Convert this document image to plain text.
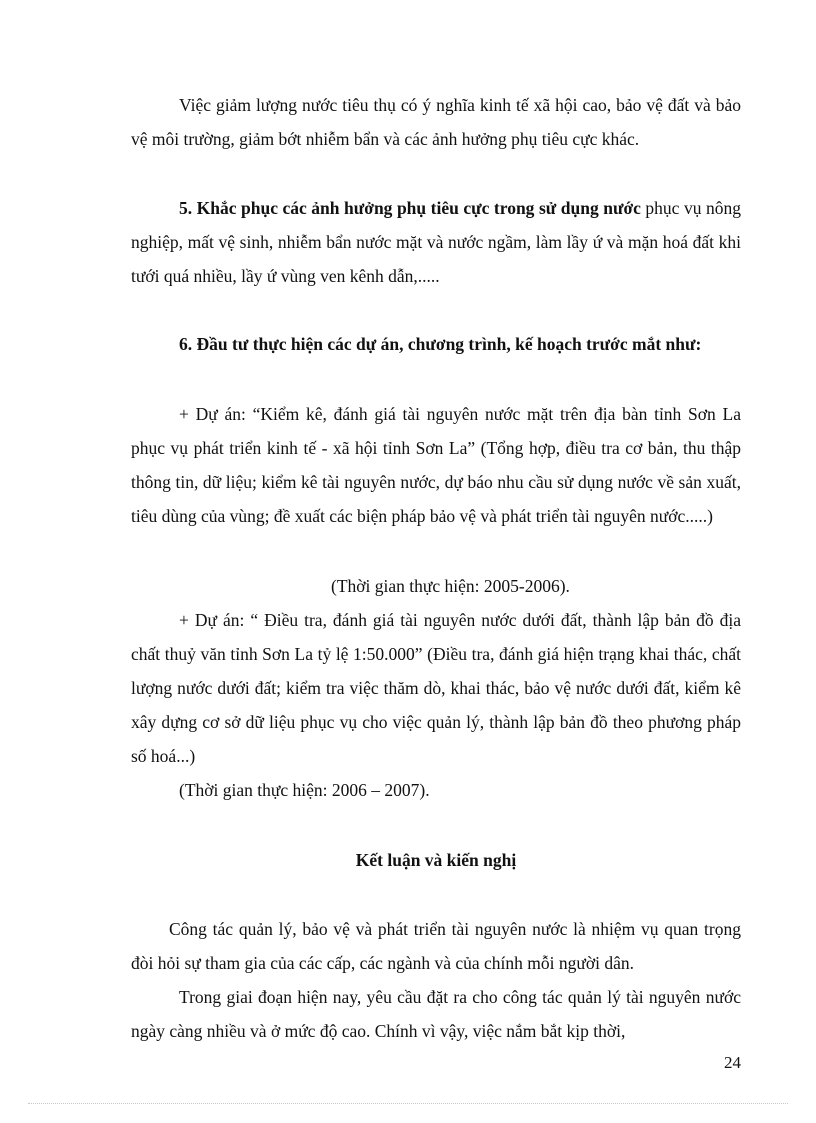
Việc giảm lượng nước tiêu thụ có ý nghĩa kinh tế xã hội cao, bảo vệ đất và bảo vệ môi trường, giảm bớt nhiễm bẩn và các ảnh hưởng phụ tiêu cực khác.

5. Khắc phục các ảnh hưởng phụ tiêu cực trong sử dụng nước phục vụ nông nghiệp, mất vệ sinh, nhiễm bẩn nước mặt và nước ngầm, làm lầy ứ và mặn hoá đất khi tưới quá nhiều, lầy ứ vùng ven kênh dẫn,.....

6. Đầu tư thực hiện các dự án, chương trình, kế hoạch trước mắt như:

+ Dự án: “Kiểm kê, đánh giá tài nguyên nước mặt trên địa bàn tỉnh Sơn La phục vụ phát triển kinh tế - xã hội tỉnh Sơn La” (Tổng hợp, điều tra cơ bản, thu thập thông tin, dữ liệu; kiểm kê tài nguyên nước, dự báo nhu cầu sử dụng nước về sản xuất, tiêu dùng của vùng; đề xuất các biện pháp bảo vệ và phát triển tài nguyên nước.....)

(Thời gian thực hiện: 2005-2006).

+ Dự án: “ Điều tra, đánh giá tài nguyên nước dưới đất, thành lập bản đồ địa chất thuỷ văn tỉnh Sơn La tỷ lệ 1:50.000” (Điều tra, đánh giá hiện trạng khai thác, chất lượng nước dưới đất; kiểm tra việc thăm dò, khai thác, bảo vệ nước dưới đất, kiểm kê xây dựng cơ sở dữ liệu phục vụ cho việc quản lý, thành lập bản đồ theo phương pháp số hoá...)

(Thời gian thực hiện: 2006 – 2007).

Kết luận và kiến nghị

Công tác quản lý, bảo vệ và phát triển tài nguyên nước là nhiệm vụ quan trọng đòi hỏi sự tham gia của các cấp, các ngành và của chính mỗi người dân.

Trong giai đoạn hiện nay, yêu cầu đặt ra cho công tác quản lý tài nguyên nước ngày càng nhiều và ở mức độ cao. Chính vì vậy, việc nắm bắt kịp thời,

24
